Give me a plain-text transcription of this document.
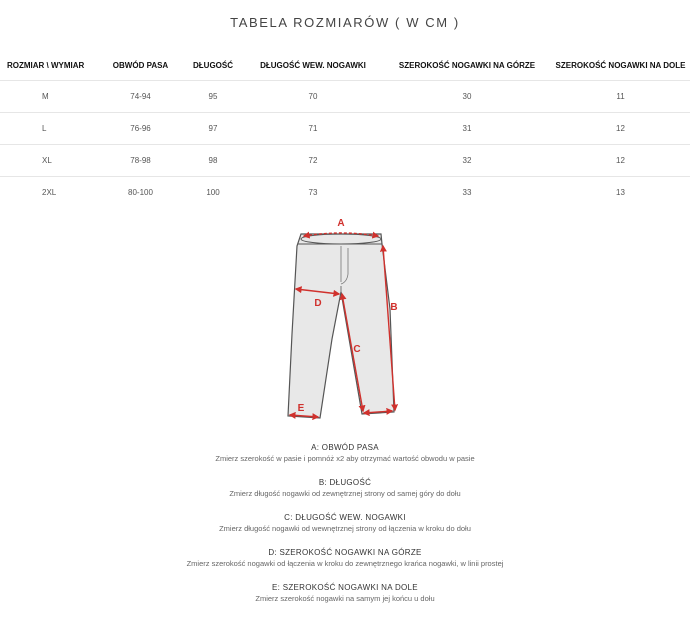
TABELA ROZMIARÓW ( W CM )
ROZMIAR \ WYMIAR	OBWÓD PASA	DŁUGOŚĆ	DŁUGOŚĆ WEW. NOGAWKI	SZEROKOŚĆ NOGAWKI NA GÓRZE	SZEROKOŚĆ NOGAWKI NA DOLE
M	74-94	95	70	30	11
L	76-96	97	71	31	12
XL	78-98	98	72	32	12
2XL	80-100	100	73	33	13
A
B
C
D
E
A: OBWÓD PASA
Zmierz szerokość w pasie i pomnóż x2 aby otrzymać wartość obwodu w pasie
B: DŁUGOŚĆ
Zmierz długość nogawki od zewnętrznej strony od samej góry do dołu
C: DŁUGOŚĆ WEW. NOGAWKI
Zmierz długość nogawki od wewnętrznej strony od łączenia w kroku do dołu
D: SZEROKOŚĆ NOGAWKI NA GÓRZE
Zmierz szerokość nogawki od łączenia w kroku do zewnętrznego krańca nogawki, w linii prostej
E: SZEROKOŚĆ NOGAWKI NA DOLE
Zmierz szerokość nogawki na samym jej końcu u dołu
